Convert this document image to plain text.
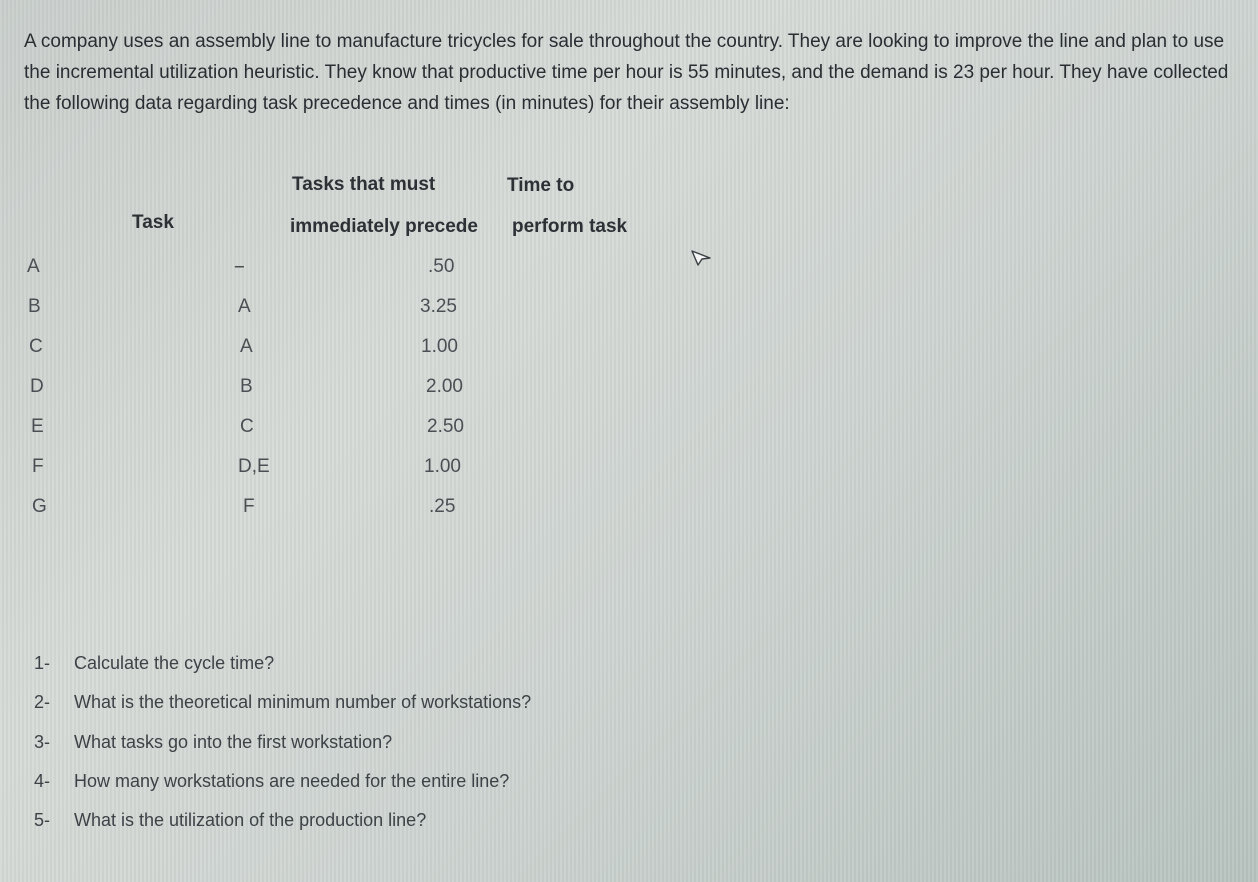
A company uses an assembly line to manufacture tricycles for sale throughout the country. They are looking to improve the line and plan to use the incremental utilization heuristic. They know that productive time per hour is 55 minutes, and the demand is 23 per hour. They have collected the following data regarding task precedence and times (in minutes) for their assembly line:
Task
Tasks that must
immediately precede
Time to
perform task
A	--	.50
B	A	3.25
C	A	1.00
D	B	2.00
E	C	2.50
F	D,E	1.00
G	F	.25
1- Calculate the cycle time?
2- What is the theoretical minimum number of workstations?
3- What tasks go into the first workstation?
4- How many workstations are needed for the entire line?
5- What is the utilization of the production line?
